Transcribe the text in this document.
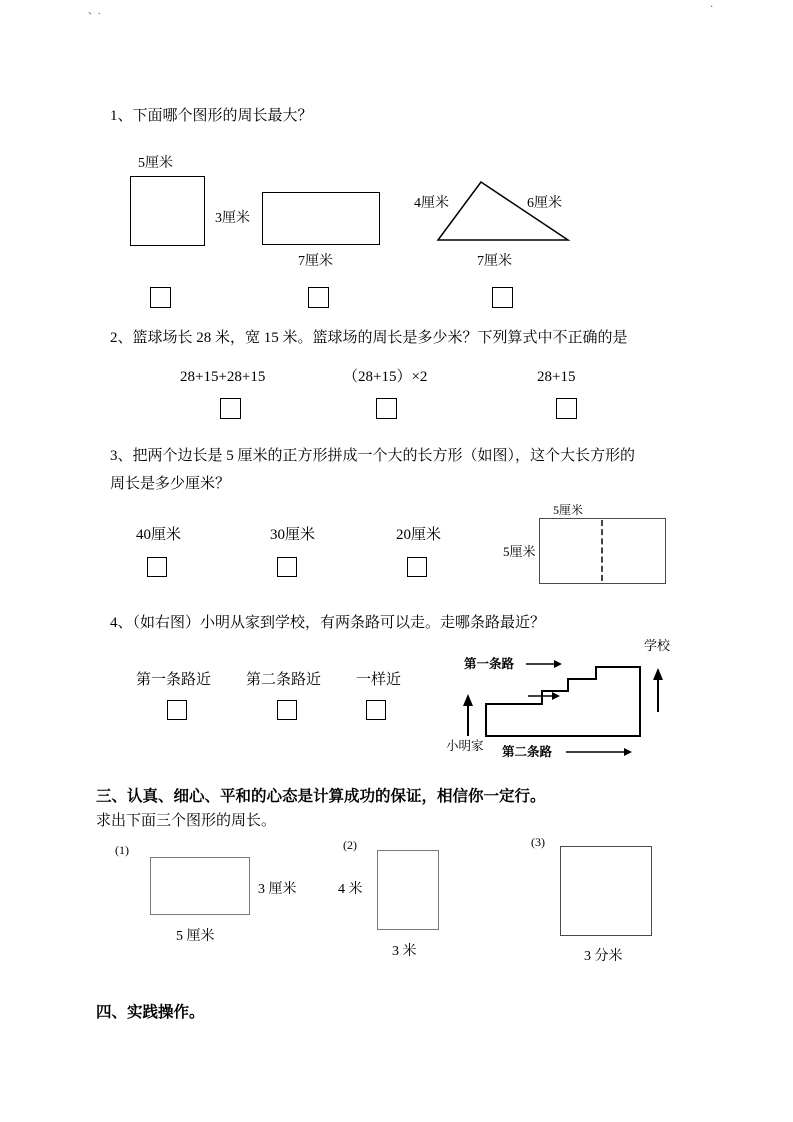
、.	·
1、下面哪个图形的周长最大？
5厘米
3厘米
7厘米
4厘米	6厘米
7厘米
2、篮球场长 28 米，宽 15 米。篮球场的周长是多少米？下列算式中不正确的是
28+15+28+15	（28+15）×2	28+15
3、把两个边长是 5 厘米的正方形拼成一个大的长方形（如图），这个大长方形的
周长是多少厘米？
40厘米	30厘米	20厘米
5厘米
5厘米
4、（如右图）小明从家到学校，有两条路可以走。走哪条路最近？
第一条路近 第二条路近 一样近
学校
第一条路
小明家 第二条路
三、认真、细心、平和的心态是计算成功的保证，相信你一定行。
求出下面三个图形的周长。
(1)
3 厘米
5 厘米
(2)
4 米
3 米
(3)
3 分米
四、实践操作。
